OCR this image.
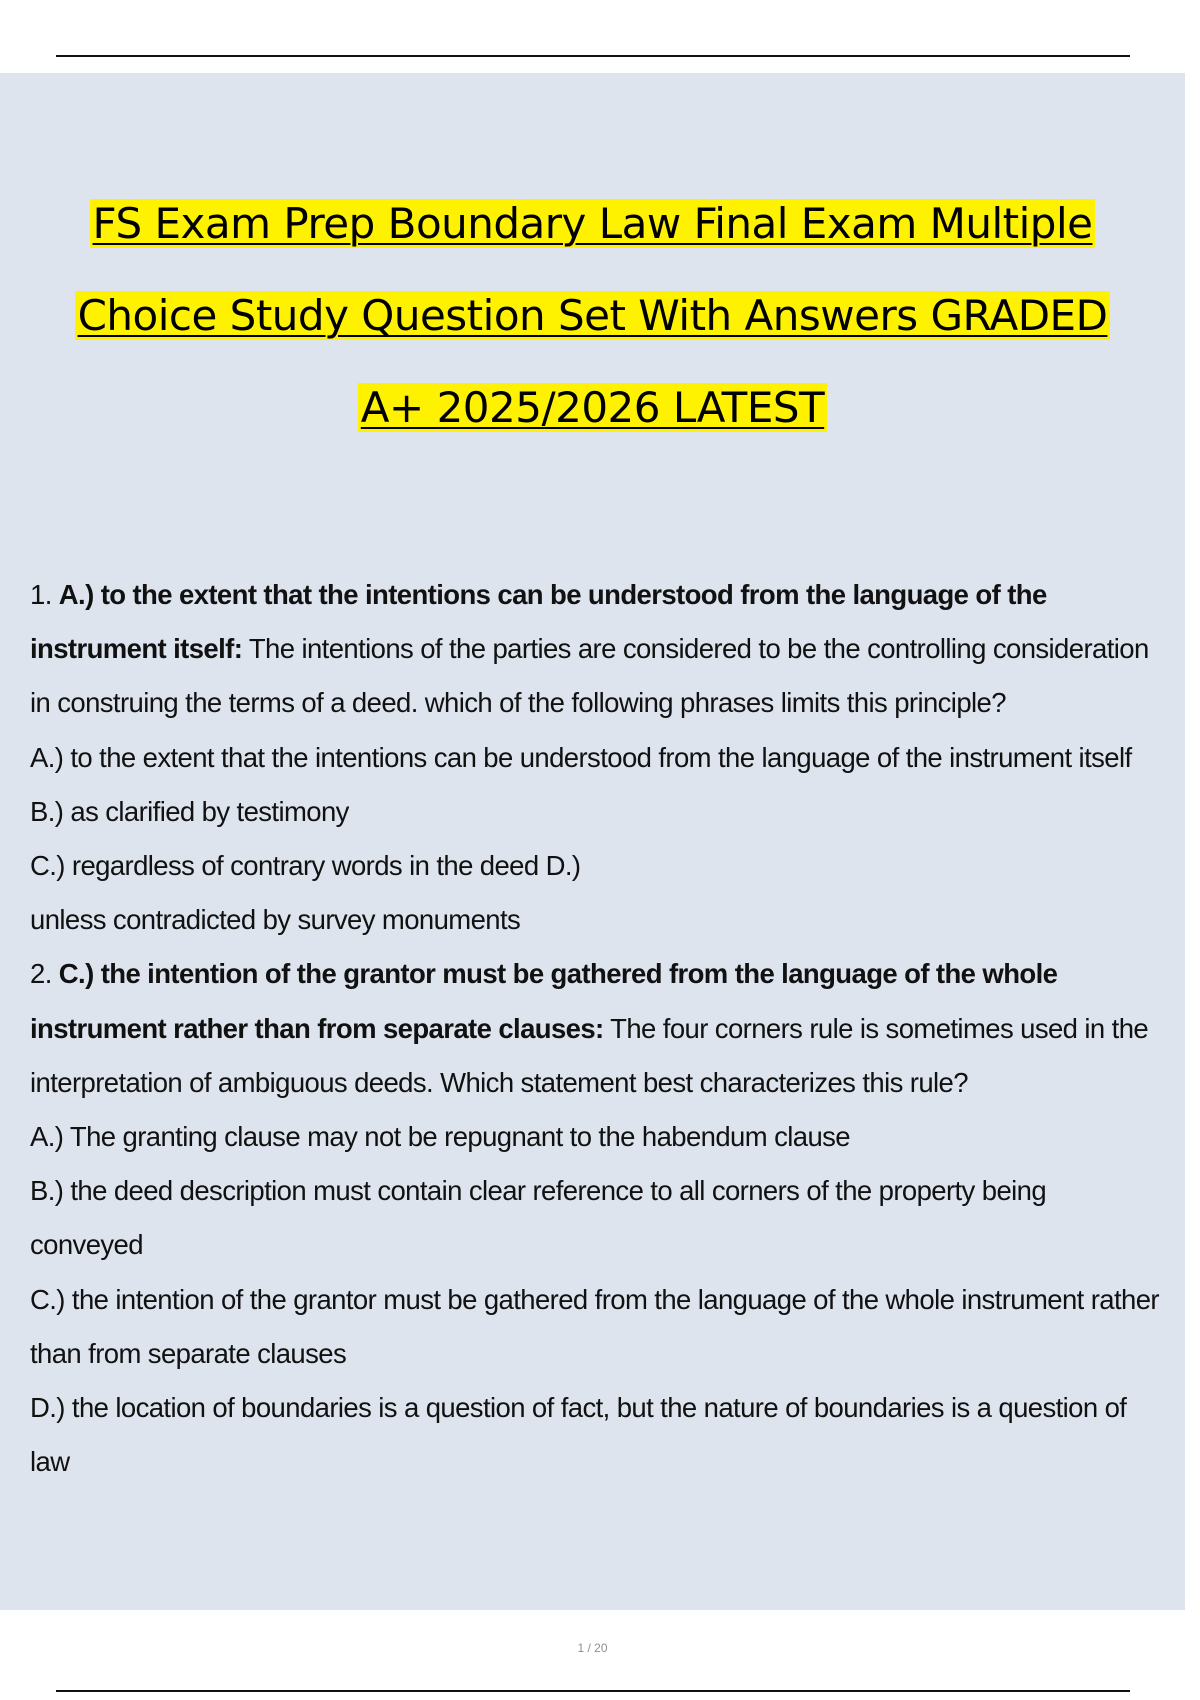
FS Exam Prep Boundary Law Final Exam Multiple
Choice Study Question Set With Answers GRADED
A+ 2025/2026 LATEST

1. A.) to the extent that the intentions can be understood from the language of the instrument itself: The intentions of the parties are considered to be the controlling consideration in construing the terms of a deed. which of the following phrases limits this principle?

A.) to the extent that the intentions can be understood from the language of the instrument itself

B.) as clarified by testimony

C.) regardless of contrary words in the deed D.)

unless contradicted by survey monuments

2. C.) the intention of the grantor must be gathered from the language of the whole instrument rather than from separate clauses: The four corners rule is sometimes used in the interpretation of ambiguous deeds. Which statement best characterizes this rule?

A.) The granting clause may not be repugnant to the habendum clause

B.) the deed description must contain clear reference to all corners of the property being conveyed

C.) the intention of the grantor must be gathered from the language of the whole instrument rather than from separate clauses

D.) the location of boundaries is a question of fact, but the nature of boundaries is a question of law

1 / 20
